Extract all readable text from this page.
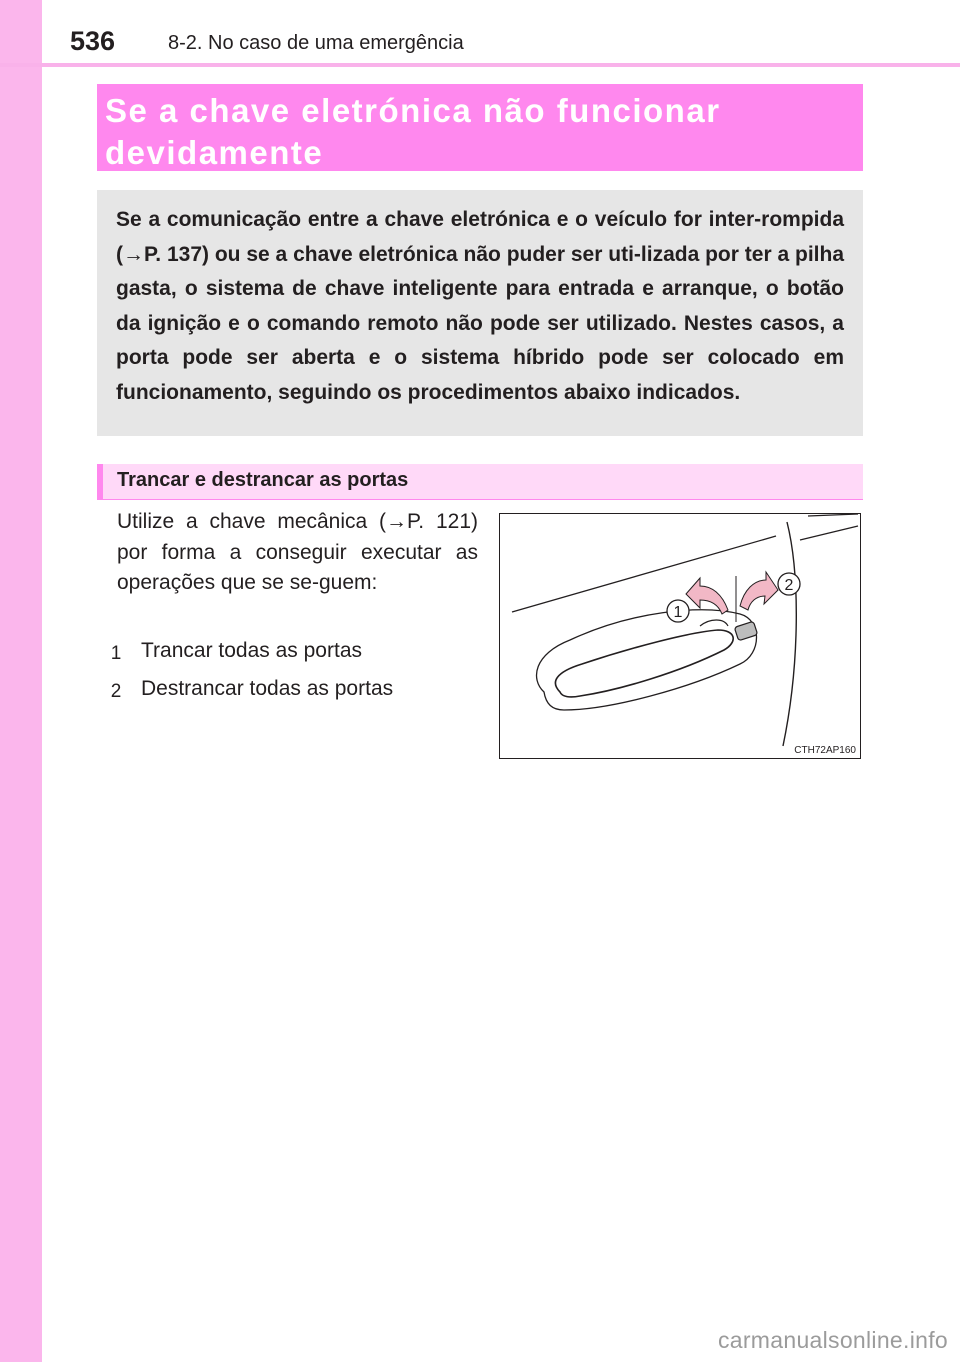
536	8-2. No caso de uma emergência

Se a chave eletrónica não funcionar devidamente

Se a comunicação entre a chave eletrónica e o veículo for inter-rompida (→P. 137) ou se a chave eletrónica não puder ser uti-lizada por ter a pilha gasta, o sistema de chave inteligente para entrada e arranque, o botão da ignição e o comando remoto não pode ser utilizado. Nestes casos, a porta pode ser aberta e o sistema híbrido pode ser colocado em funcionamento, seguindo os procedimentos abaixo indicados.

Trancar e destrancar as portas

Utilize a chave mecânica (→P. 121) por forma a conseguir executar as operações que se se-guem:

1 Trancar todas as portas
2 Destrancar todas as portas
1
2
CTH72AP160
carmanualsonline.info
